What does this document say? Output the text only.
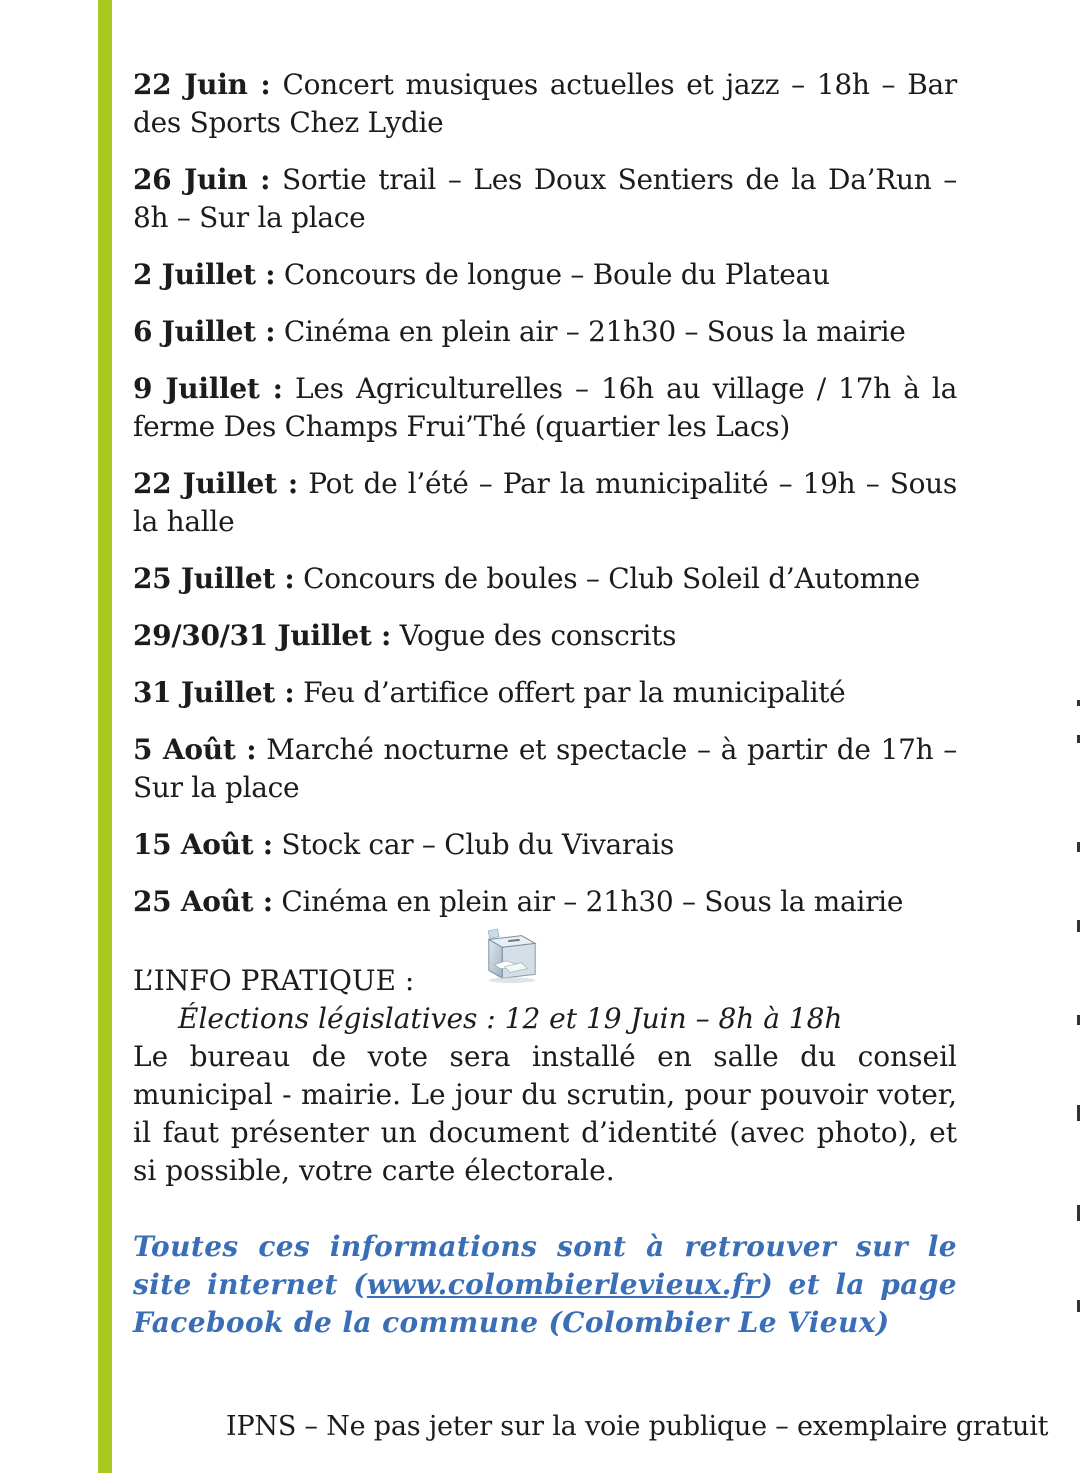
22 Juin : Concert musiques actuelles et jazz – 18h – Bar des Sports Chez Lydie

26 Juin : Sortie trail – Les Doux Sentiers de la Da’Run – 8h – Sur la place

2 Juillet : Concours de longue – Boule du Plateau

6 Juillet : Cinéma en plein air – 21h30 – Sous la mairie

9 Juillet : Les Agriculturelles – 16h au village / 17h à la ferme Des Champs Frui’Thé (quartier les Lacs)

22 Juillet : Pot de l’été – Par la municipalité – 19h – Sous la halle

25 Juillet : Concours de boules – Club Soleil d’Automne

29/30/31 Juillet : Vogue des conscrits

31 Juillet : Feu d’artifice offert par la municipalité

5 Août : Marché nocturne et spectacle – à partir de 17h – Sur la place

15 Août : Stock car – Club du Vivarais

25 Août : Cinéma en plein air – 21h30 – Sous la mairie

L’INFO PRATIQUE :

Élections législatives : 12 et 19 Juin – 8h à 18h

Le bureau de vote sera installé en salle du conseil municipal - mairie. Le jour du scrutin, pour pouvoir voter, il faut présenter un document d’identité (avec photo), et si possible, votre carte électorale.

Toutes ces informations sont à retrouver sur le site internet (www.colombierlevieux.fr) et la page Facebook de la commune (Colombier Le Vieux)

IPNS – Ne pas jeter sur la voie publique – exemplaire gratuit
